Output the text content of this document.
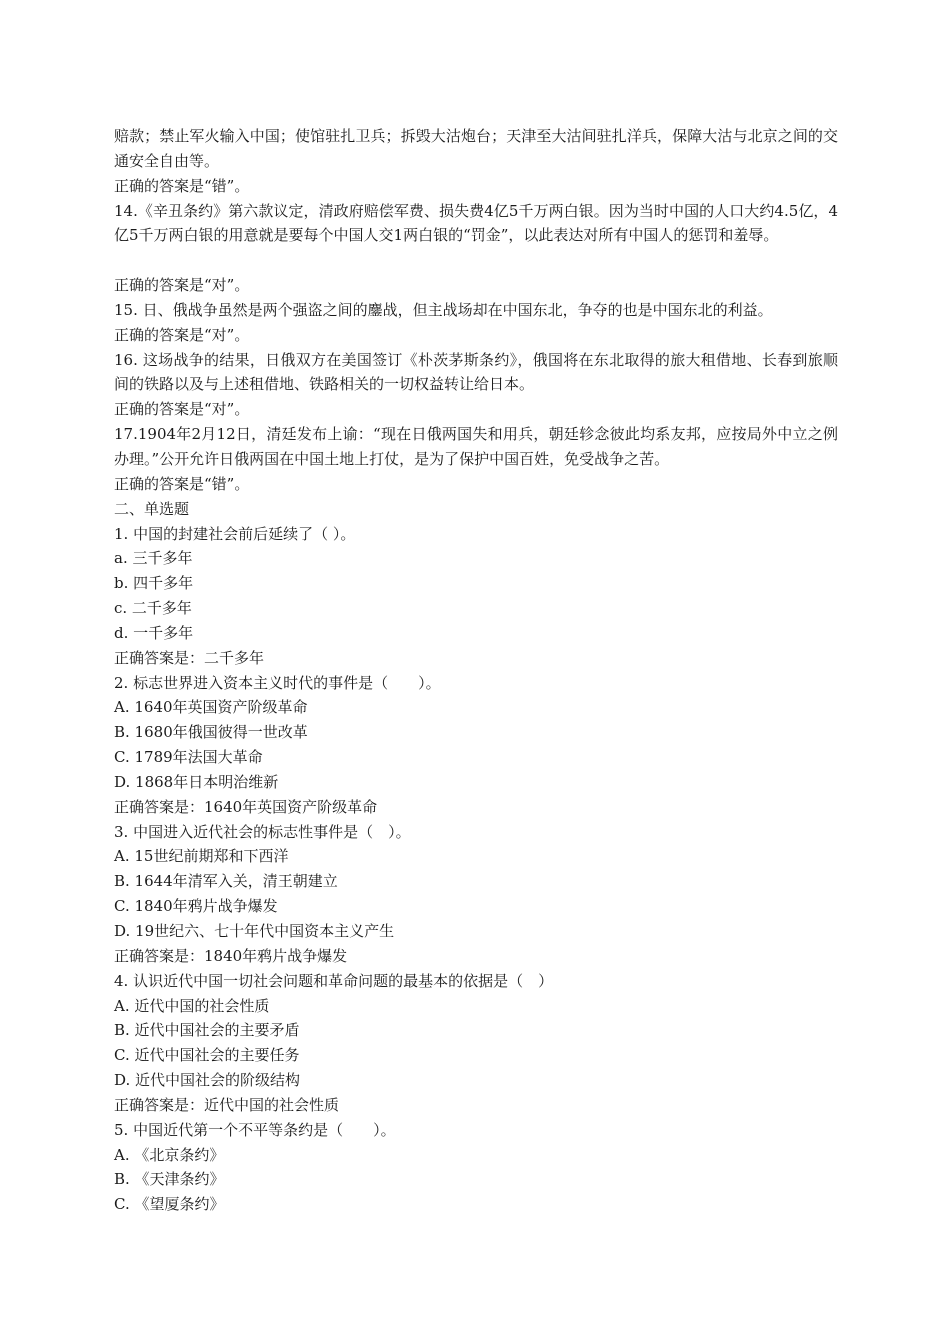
赔款；禁止军火输入中国；使馆驻扎卫兵；拆毁大沽炮台；天津至大沽间驻扎洋兵，保障大沽与北京之间的交通安全自由等。
正确的答案是“错”。
14.《辛丑条约》第六款议定，清政府赔偿军费、损失费4亿5千万两白银。因为当时中国的人口大约4.5亿，4亿5千万两白银的用意就是要每个中国人交1两白银的“罚金”，以此表达对所有中国人的惩罚和羞辱。
正确的答案是“对”。
15. 日、俄战争虽然是两个强盗之间的鏖战，但主战场却在中国东北，争夺的也是中国东北的利益。
正确的答案是“对”。
16. 这场战争的结果，日俄双方在美国签订《朴茨茅斯条约》，俄国将在东北取得的旅大租借地、长春到旅顺间的铁路以及与上述租借地、铁路相关的一切权益转让给日本。
正确的答案是“对”。
17.1904年2月12日，清廷发布上谕：“现在日俄两国失和用兵，朝廷轸念彼此均系友邦，应按局外中立之例办理。”公开允许日俄两国在中国土地上打仗，是为了保护中国百姓，免受战争之苦。
正确的答案是“错”。
二、单选题
1. 中国的封建社会前后延续了（ ）。
a. 三千多年
b. 四千多年
c. 二千多年
d. 一千多年
正确答案是：二千多年
2. 标志世界进入资本主义时代的事件是（　　）。
A. 1640年英国资产阶级革命
B. 1680年俄国彼得一世改革
C. 1789年法国大革命
D. 1868年日本明治维新
正确答案是：1640年英国资产阶级革命
3. 中国进入近代社会的标志性事件是（　）。
A. 15世纪前期郑和下西洋
B. 1644年清军入关，清王朝建立
C. 1840年鸦片战争爆发
D. 19世纪六、七十年代中国资本主义产生
正确答案是：1840年鸦片战争爆发
4. 认识近代中国一切社会问题和革命问题的最基本的依据是（　）
A. 近代中国的社会性质
B. 近代中国社会的主要矛盾
C. 近代中国社会的主要任务
D. 近代中国社会的阶级结构
正确答案是：近代中国的社会性质
5. 中国近代第一个不平等条约是（　　）。
A. 《北京条约》
B. 《天津条约》
C. 《望厦条约》
